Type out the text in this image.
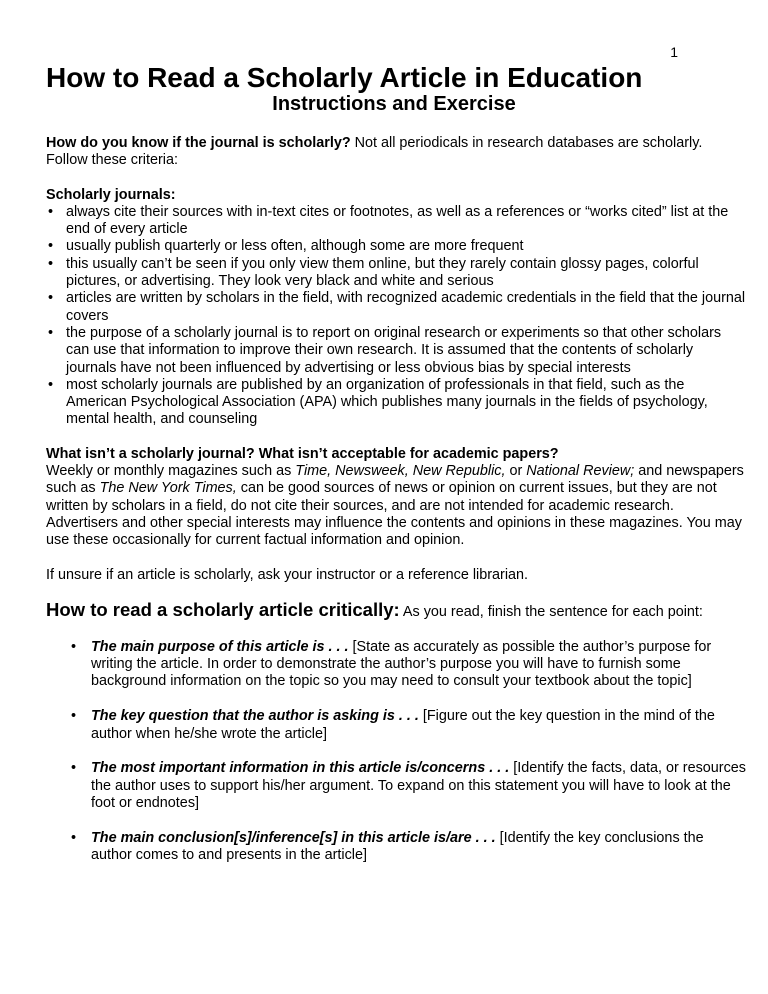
1
How to Read a Scholarly Article in Education
Instructions and Exercise

How do you know if the journal is scholarly? Not all periodicals in research databases are scholarly. Follow these criteria:

Scholarly journals:

• always cite their sources with in-text cites or footnotes, as well as a references or “works cited” list at the end of every article
• usually publish quarterly or less often, although some are more frequent
• this usually can’t be seen if you only view them online, but they rarely contain glossy pages, colorful pictures, or advertising. They look very black and white and serious
• articles are written by scholars in the field, with recognized academic credentials in the field that the journal covers
• the purpose of a scholarly journal is to report on original research or experiments so that other scholars can use that information to improve their own research. It is assumed that the contents of scholarly journals have not been influenced by advertising or less obvious bias by special interests
• most scholarly journals are published by an organization of professionals in that field, such as the American Psychological Association (APA) which publishes many journals in the fields of psychology, mental health, and counseling

What isn’t a scholarly journal? What isn’t acceptable for academic papers?

Weekly or monthly magazines such as Time, Newsweek, New Republic, or National Review; and newspapers such as The New York Times, can be good sources of news or opinion on current issues, but they are not written by scholars in a field, do not cite their sources, and are not intended for academic research. Advertisers and other special interests may influence the contents and opinions in these magazines. You may use these occasionally for current factual information and opinion.

If unsure if an article is scholarly, ask your instructor or a reference librarian.

How to read a scholarly article critically: As you read, finish the sentence for each point:

• The main purpose of this article is . . . [State as accurately as possible the author’s purpose for writing the article. In order to demonstrate the author’s purpose you will have to furnish some background information on the topic so you may need to consult your textbook about the topic]
• The key question that the author is asking is . . . [Figure out the key question in the mind of the author when he/she wrote the article]
• The most important information in this article is/concerns . . . [Identify the facts, data, or resources the author uses to support his/her argument. To expand on this statement you will have to look at the foot or endnotes]
• The main conclusion[s]/inference[s] in this article is/are . . . [Identify the key conclusions the author comes to and presents in the article]
